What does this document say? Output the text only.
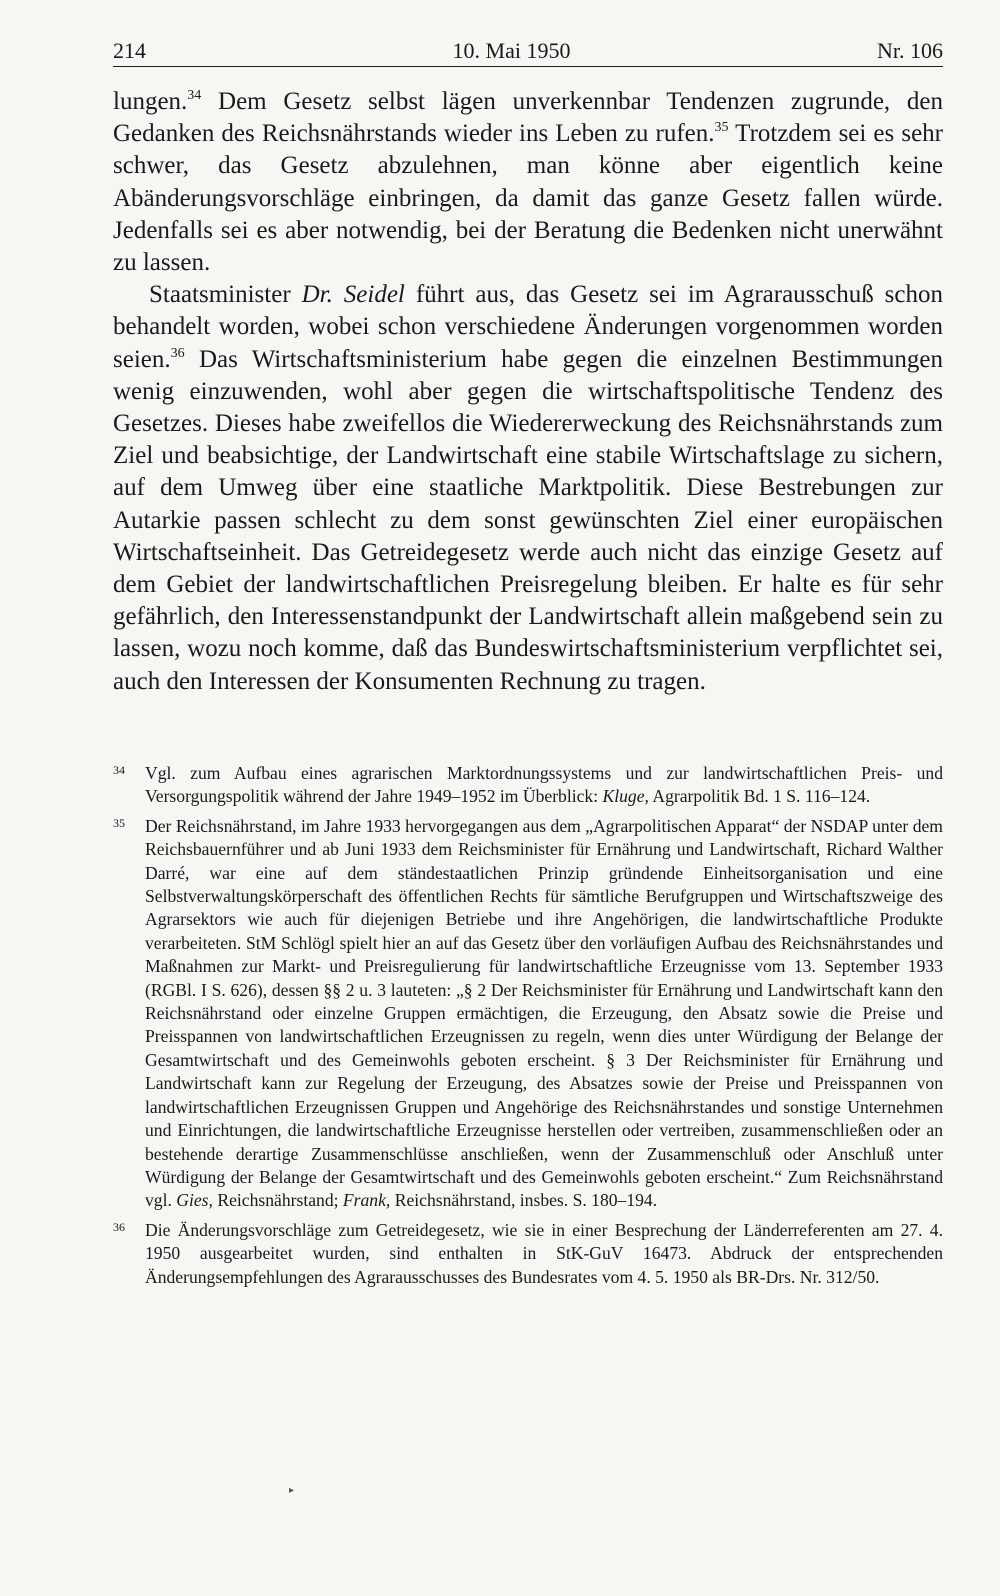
214	10. Mai 1950	Nr. 106

lungen.$^{34}$ Dem Gesetz selbst lägen unverkennbar Tendenzen zugrunde, den Gedanken des Reichsnährstands wieder ins Leben zu rufen.$^{35}$ Trotzdem sei es sehr schwer, das Gesetz abzulehnen, man könne aber eigentlich keine Abänderungsvorschläge einbringen, da damit das ganze Gesetz fallen würde. Jedenfalls sei es aber notwendig, bei der Beratung die Bedenken nicht unerwähnt zu lassen.

Staatsminister Dr. Seidel führt aus, das Gesetz sei im Agrarausschuß schon behandelt worden, wobei schon verschiedene Änderungen vorgenommen worden seien.$^{36}$ Das Wirtschaftsministerium habe gegen die einzelnen Bestimmungen wenig einzuwenden, wohl aber gegen die wirtschaftspolitische Tendenz des Gesetzes. Dieses habe zweifellos die Wiedererweckung des Reichsnährstands zum Ziel und beabsichtige, der Landwirtschaft eine stabile Wirtschaftslage zu sichern, auf dem Umweg über eine staatliche Marktpolitik. Diese Bestrebungen zur Autarkie passen schlecht zu dem sonst gewünschten Ziel einer europäischen Wirtschaftseinheit. Das Getreidegesetz werde auch nicht das einzige Gesetz auf dem Gebiet der landwirtschaftlichen Preisregelung bleiben. Er halte es für sehr gefährlich, den Interessenstandpunkt der Landwirtschaft allein maßgebend sein zu lassen, wozu noch komme, daß das Bundeswirtschaftsministerium verpflichtet sei, auch den Interessen der Konsumenten Rechnung zu tragen.

34 Vgl. zum Aufbau eines agrarischen Marktordnungssystems und zur landwirtschaftlichen Preis- und Versorgungspolitik während der Jahre 1949–1952 im Überblick: Kluge, Agrarpolitik Bd. 1 S. 116–124.
35 Der Reichsnährstand, im Jahre 1933 hervorgegangen aus dem „Agrarpolitischen Apparat“ der NSDAP unter dem Reichsbauernführer und ab Juni 1933 dem Reichsminister für Ernährung und Landwirtschaft, Richard Walther Darré, war eine auf dem ständestaatlichen Prinzip gründende Einheitsorganisation und eine Selbstverwaltungskörperschaft des öffentlichen Rechts für sämtliche Berufgruppen und Wirtschaftszweige des Agrarsektors wie auch für diejenigen Betriebe und ihre Angehörigen, die landwirtschaftliche Produkte verarbeiteten. StM Schlögl spielt hier an auf das Gesetz über den vorläufigen Aufbau des Reichsnährstandes und Maßnahmen zur Markt- und Preisregulierung für landwirtschaftliche Erzeugnisse vom 13. September 1933 (RGBl. I S. 626), dessen §§ 2 u. 3 lauteten: „§ 2 Der Reichsminister für Ernährung und Landwirtschaft kann den Reichsnährstand oder einzelne Gruppen ermächtigen, die Erzeugung, den Absatz sowie die Preise und Preisspannen von landwirtschaftlichen Erzeugnissen zu regeln, wenn dies unter Würdigung der Belange der Gesamtwirtschaft und des Gemeinwohls geboten erscheint. § 3 Der Reichsminister für Ernährung und Landwirtschaft kann zur Regelung der Erzeugung, des Absatzes sowie der Preise und Preisspannen von landwirtschaftlichen Erzeugnissen Gruppen und Angehörige des Reichsnährstandes und sonstige Unternehmen und Einrichtungen, die landwirtschaftliche Erzeugnisse herstellen oder vertreiben, zusammenschließen oder an bestehende derartige Zusammenschlüsse anschließen, wenn der Zusammenschluß oder Anschluß unter Würdigung der Belange der Gesamtwirtschaft und des Gemeinwohls geboten erscheint.“ Zum Reichsnährstand vgl. Gies, Reichsnährstand; Frank, Reichsnährstand, insbes. S. 180–194.
36 Die Änderungsvorschläge zum Getreidegesetz, wie sie in einer Besprechung der Länderreferenten am 27. 4. 1950 ausgearbeitet wurden, sind enthalten in StK-GuV 16473. Abdruck der entsprechenden Änderungsempfehlungen des Agrarausschusses des Bundesrates vom 4. 5. 1950 als BR-Drs. Nr. 312/50.
▸
